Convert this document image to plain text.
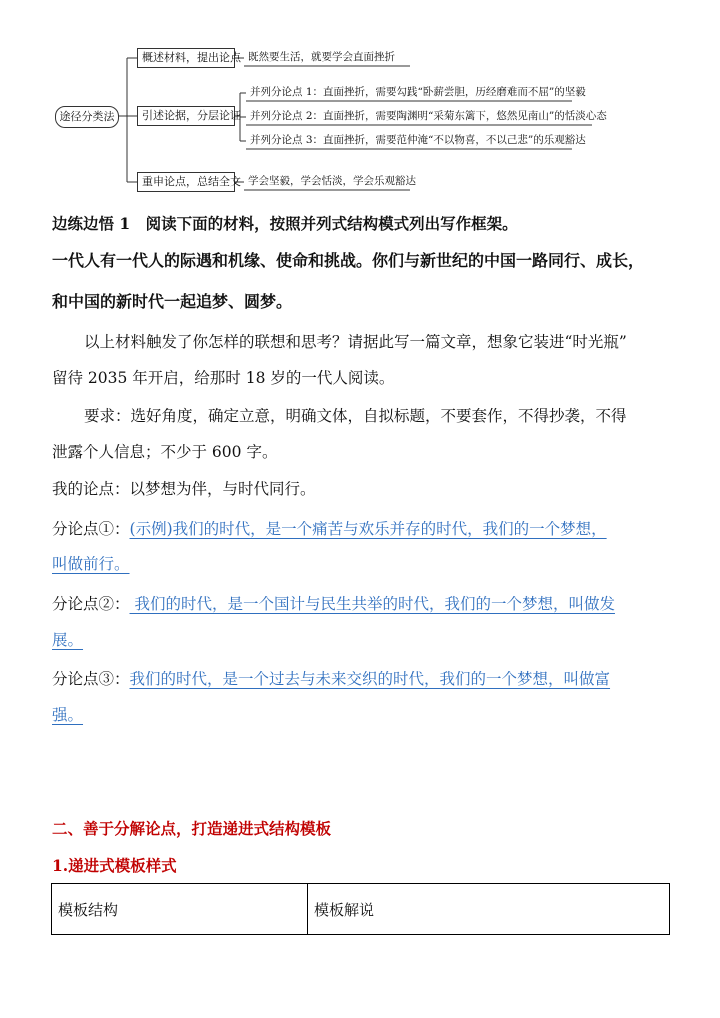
途径分类法
概述材料，提出论点
引述论据，分层论证
重申论点，总结全文
既然要生活，就要学会直面挫折
并列分论点 1：直面挫折，需要勾践“卧薪尝胆，历经磨难而不屈”的坚毅
并列分论点 2：直面挫折，需要陶渊明“采菊东篱下，悠然见南山”的恬淡心态
并列分论点 3：直面挫折，需要范仲淹“不以物喜，不以己悲”的乐观豁达
学会坚毅，学会恬淡，学会乐观豁达
边练边悟 1　阅读下面的材料，按照并列式结构模式列出写作框架。
一代人有一代人的际遇和机缘、使命和挑战。你们与新世纪的中国一路同行、成长，
和中国的新时代一起追梦、圆梦。
以上材料触发了你怎样的联想和思考？请据此写一篇文章，想象它装进“时光瓶”
留待 2035 年开启，给那时 18 岁的一代人阅读。
要求：选好角度，确定立意，明确文体，自拟标题，不要套作，不得抄袭，不得
泄露个人信息；不少于 600 字。
我的论点：以梦想为伴，与时代同行。
分论点①：(示例)我们的时代，是一个痛苦与欢乐并存的时代，我们的一个梦想，
叫做前行。
分论点②： 我们的时代，是一个国计与民生共举的时代，我们的一个梦想，叫做发
展。
分论点③：我们的时代，是一个过去与未来交织的时代，我们的一个梦想，叫做富
强。
二、善于分解论点，打造递进式结构模板
1.递进式模板样式
模板结构	模板解说
